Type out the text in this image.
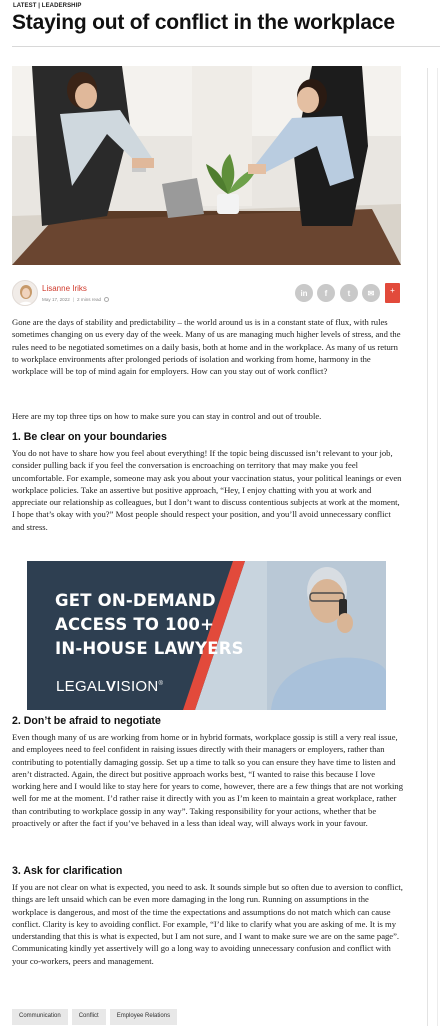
LATEST | LEADERSHIP
Staying out of conflict in the workplace
Lisanne Iriks
May 17, 2022 | 2 mins read
in	f	t	✉	+

Gone are the days of stability and predictability – the world around us is in a constant state of flux, with rules sometimes changing on us every day of the week. Many of us are managing much higher levels of stress, and the rules need to be negotiated sometimes on a daily basis, both at home and in the workplace. As many of us return to workplace environments after prolonged periods of isolation and working from home, harmony in the workplace will be top of mind again for employers. How can you stay out of work conflict?

Here are my top three tips on how to make sure you can stay in control and out of trouble.

1. Be clear on your boundaries

You do not have to share how you feel about everything! If the topic being discussed isn’t relevant to your job, consider pulling back if you feel the conversation is encroaching on territory that may make you feel uncomfortable. For example, someone may ask you about your vaccination status, your political leanings or even workplace policies. Take an assertive but positive approach, “Hey, I enjoy chatting with you at work and appreciate our relationship as colleagues, but I don’t want to discuss contentious subjects at work at the moment, I hope that’s okay with you?” Most people should respect your position, and you’ll avoid unnecessary conflict and stress.

GET ON-DEMAND
ACCESS TO 100+
IN-HOUSE LAWYERS
LEGALVISION®
2. Don’t be afraid to negotiate

Even though many of us are working from home or in hybrid formats, workplace gossip is still a very real issue, and employees need to feel confident in raising issues directly with their managers or employers, rather than contributing to potentially damaging gossip. Set up a time to talk so you can ensure they have time to listen and aren’t distracted. Again, the direct but positive approach works best, “I wanted to raise this because I love working here and I would like to stay here for years to come, however, there are a few things that are not working well for me at the moment. I’d rather raise it directly with you as I’m keen to maintain a great workplace, rather than contributing to workplace gossip in any way”. Taking responsibility for your actions, whether that be proactively or after the fact if you’ve behaved in a less than ideal way, will always work in your favour.

3. Ask for clarification

If you are not clear on what is expected, you need to ask. It sounds simple but so often due to aversion to conflict, things are left unsaid which can be even more damaging in the long run. Running on assumptions in the workplace is dangerous, and most of the time the expectations and assumptions do not match which can cause conflict. Clarity is key to avoiding conflict. For example, “I’d like to clarify what you are asking of me. It is my understanding that this is what is expected, but I am not sure, and I want to make sure we are on the same page”. Communicating kindly yet assertively will go a long way to avoiding unnecessary confusion and conflict with your co-workers, peers and management.

Communication	Conflict	Employee Relations
